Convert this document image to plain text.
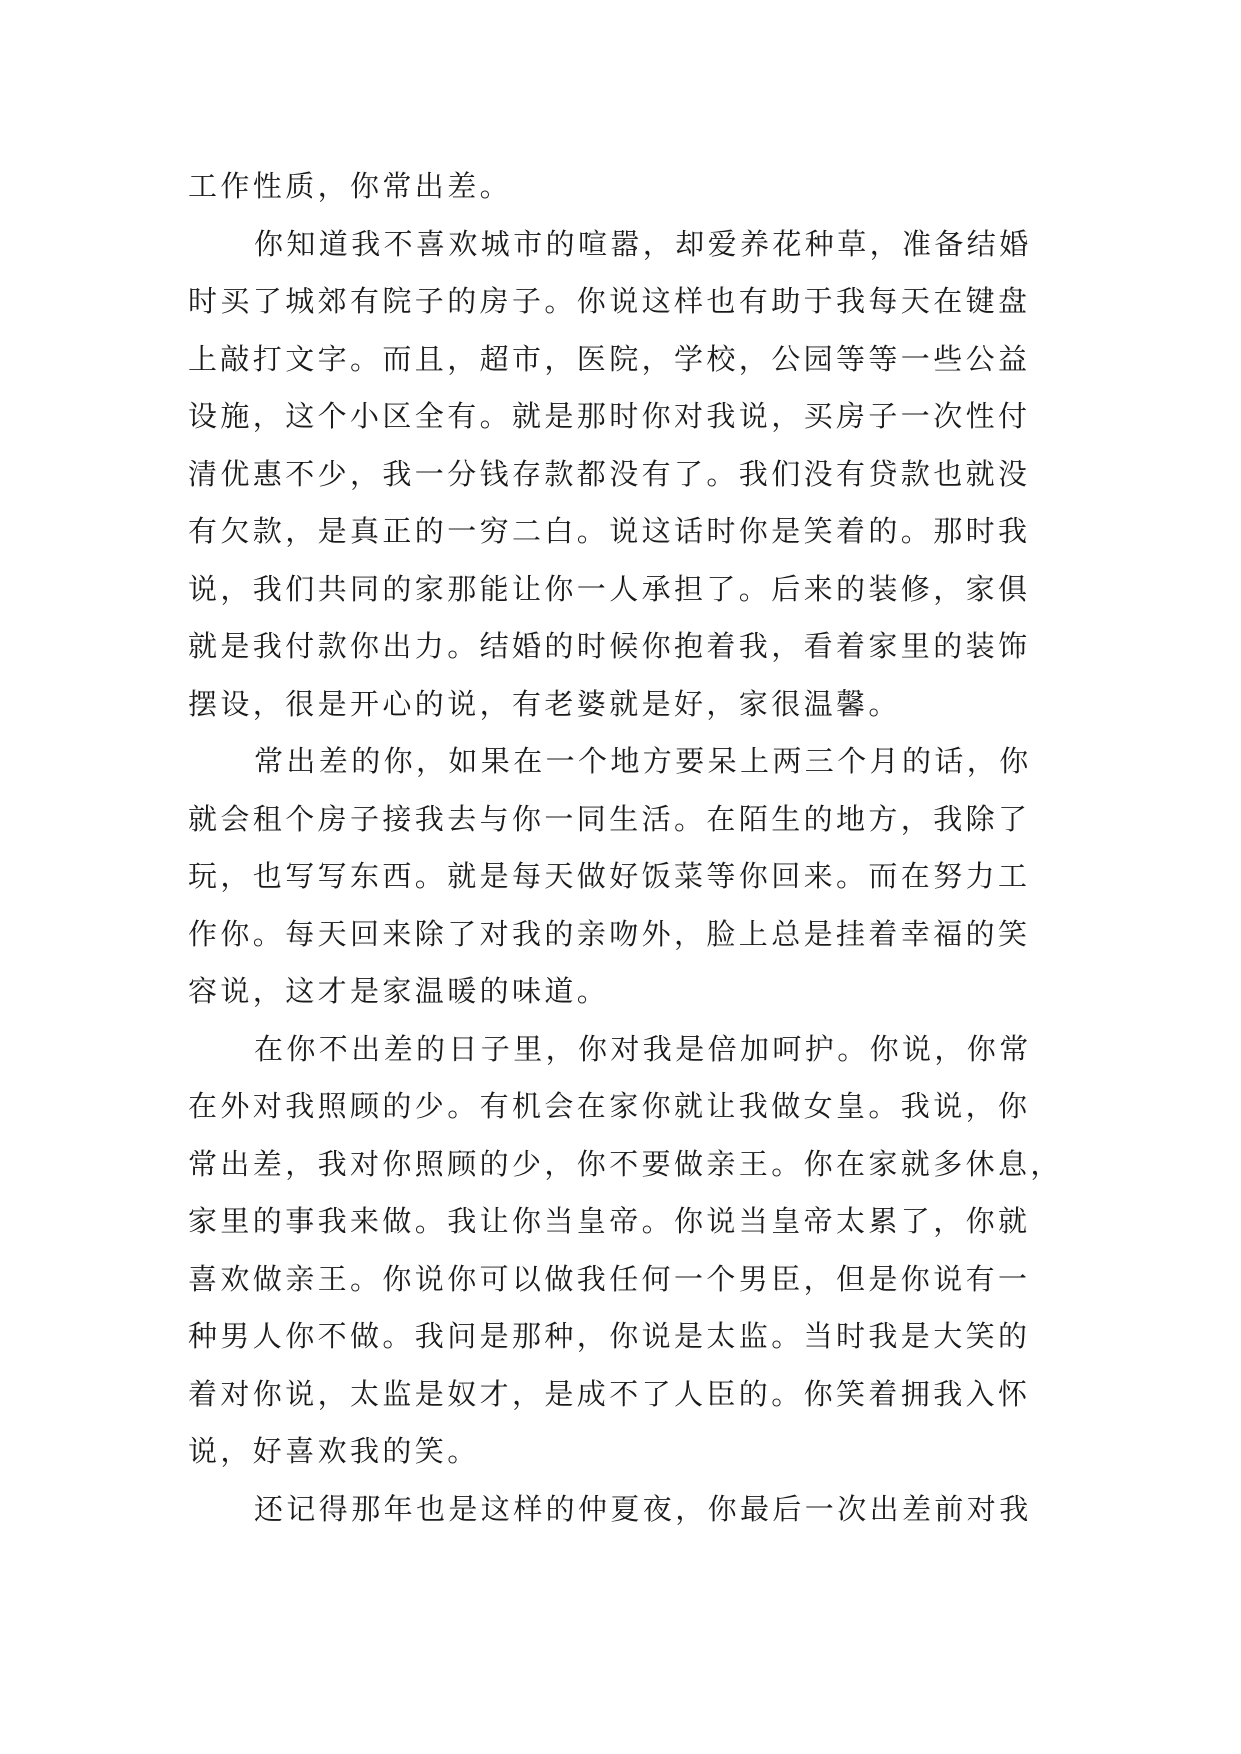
工作性质，你常出差。
你知道我不喜欢城市的喧嚣，却爱养花种草，准备结婚
时买了城郊有院子的房子。你说这样也有助于我每天在键盘
上敲打文字。而且，超市，医院，学校，公园等等一些公益
设施，这个小区全有。就是那时你对我说，买房子一次性付
清优惠不少，我一分钱存款都没有了。我们没有贷款也就没
有欠款，是真正的一穷二白。说这话时你是笑着的。那时我
说，我们共同的家那能让你一人承担了。后来的装修，家俱
就是我付款你出力。结婚的时候你抱着我，看着家里的装饰
摆设，很是开心的说，有老婆就是好，家很温馨。
常出差的你，如果在一个地方要呆上两三个月的话，你
就会租个房子接我去与你一同生活。在陌生的地方，我除了
玩，也写写东西。就是每天做好饭菜等你回来。而在努力工
作你。每天回来除了对我的亲吻外，脸上总是挂着幸福的笑
容说，这才是家温暖的味道。
在你不出差的日子里，你对我是倍加呵护。你说，你常
在外对我照顾的少。有机会在家你就让我做女皇。我说，你
常出差，我对你照顾的少，你不要做亲王。你在家就多休息，
家里的事我来做。我让你当皇帝。你说当皇帝太累了，你就
喜欢做亲王。你说你可以做我任何一个男臣，但是你说有一
种男人你不做。我问是那种，你说是太监。当时我是大笑的
着对你说，太监是奴才，是成不了人臣的。你笑着拥我入怀
说，好喜欢我的笑。
还记得那年也是这样的仲夏夜，你最后一次出差前对我
